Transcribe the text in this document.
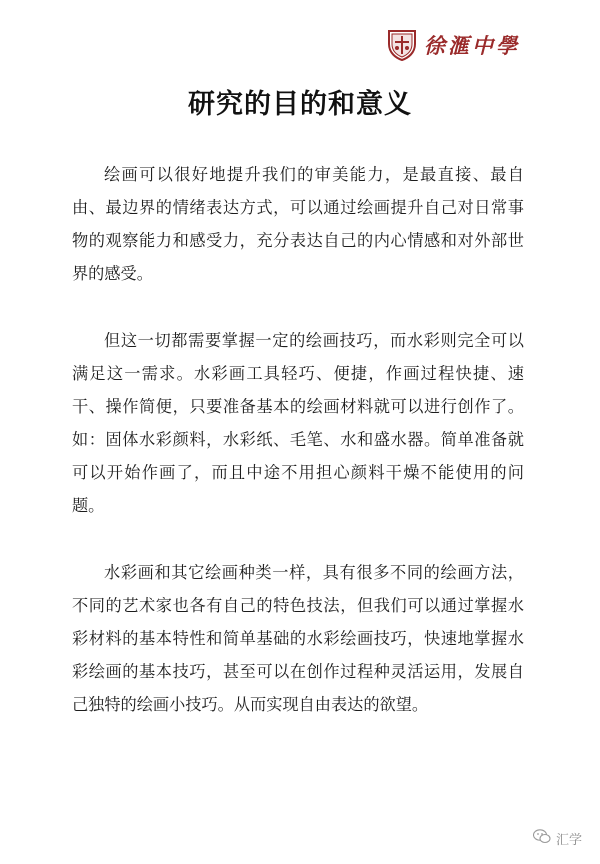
徐滙中學
研究的目的和意义

绘画可以很好地提升我们的审美能力，是最直接、最自由、最边界的情绪表达方式，可以通过绘画提升自己对日常事物的观察能力和感受力，充分表达自己的内心情感和对外部世界的感受。

但这一切都需要掌握一定的绘画技巧，而水彩则完全可以满足这一需求。水彩画工具轻巧、便捷，作画过程快捷、速干、操作简便，只要准备基本的绘画材料就可以进行创作了。如：固体水彩颜料，水彩纸、毛笔、水和盛水器。简单准备就可以开始作画了，而且中途不用担心颜料干燥不能使用的问题。

水彩画和其它绘画种类一样，具有很多不同的绘画方法，不同的艺术家也各有自己的特色技法，但我们可以通过掌握水彩材料的基本特性和简单基础的水彩绘画技巧，快速地掌握水彩绘画的基本技巧，甚至可以在创作过程种灵活运用，发展自己独特的绘画小技巧。从而实现自由表达的欲望。

汇学
